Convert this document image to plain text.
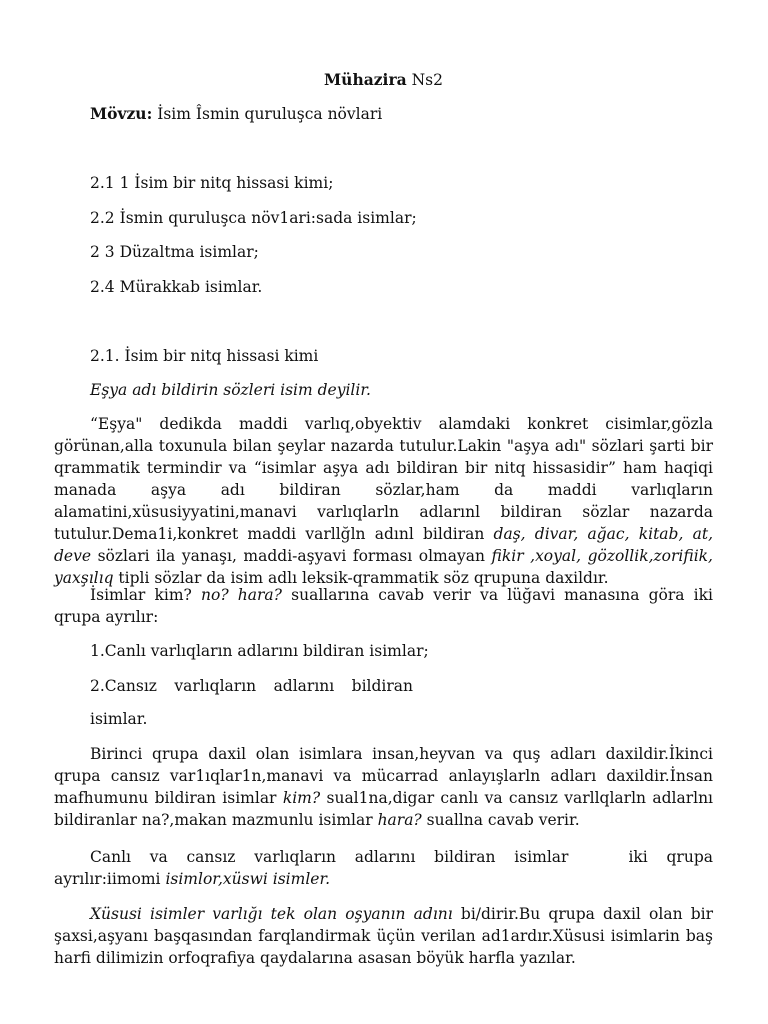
Mühazira Ns2

Mövzu: İsim Îsmin quruluşca növlari

2.1 1 İsim bir nitq hissasi kimi;

2.2 İsmin quruluşca növ1ari:sada isimlar;

2 3 Düzaltma isimlar;

2.4 Mürakkab isimlar.

2.1. İsim bir nitq hissasi kimi

Eşya adı bildirin sözleri isim deyilir.

“Eşya" dedikda maddi varlıq,obyektiv alamdaki konkret cisimlar,gözla görünan,alla toxunula bilan şeylar nazarda tutulur.Lakin "aşya adı" sözlari şarti bir qrammatik termindir va “isimlar aşya adı bildiran bir nitq hissasidir” ham haqiqi manada aşya adı bildiran sözlar,ham da maddi varlıqların alamatini,xüsusiyyatini,manavi varlıqlarln adlarınl bildiran sözlar nazarda tutulur.Dema1i,konkret maddi varllğln adınl bildiran daş, divar, ağac, kitab, at, deve sözlari ila yanaşı, maddi-aşyavi forması olmayan fikir ,xoyal, gözollik,zorifiik, yaxşılıq tipli sözlar da isim adlı leksik-qrammatik söz qrupuna daxildır.

İsimlar kim? no? hara? suallarına cavab verir va lüğavi manasına göra iki qrupa ayrılır:

1.Canlı varlıqların adlarını bildiran isimlar;

2.Cansız varlıqların adlarını bildiran

isimlar.

Birinci qrupa daxil olan isimlara insan,heyvan va quş adları daxildir.İkinci qrupa cansız var1ıqlar1n,manavi va mücarrad anlayışlarln adları daxildir.İnsan mafhumunu bildiran isimlar kim? sual1na,digar canlı va cansız varllqlarln adlarlnı bildiranlar na?,makan mazmunlu isimlar hara? suallna cavab verir.

Canlı va cansız varlıqların adlarını bildiran isimlar	iki qrupa ayrılır:iimomi isimlor,xüswi isimler.

Xüsusi isimler varlığı tek olan oşyanın adını bi/dirir.Bu qrupa daxil olan bir şaxsi,aşyanı başqasından farqlandirmak üçün verilan ad1ardır.Xüsusi isimlarin baş harfi dilimizin orfoqrafiya qaydalarına asasan böyük harfla yazılar.
